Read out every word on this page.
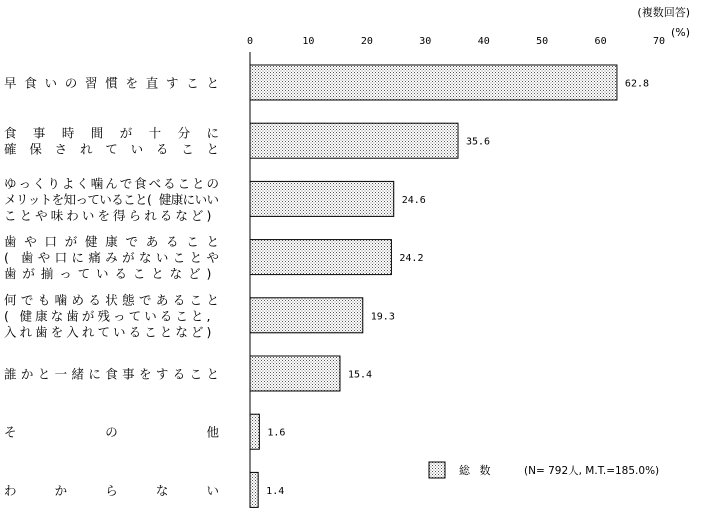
(複数回答)
(%)
0	10	20	30	40	50	60	70
62.8
35.6
24.6
24.2
19.3
15.4
1.6
1.4
早 食 い の 習 慣 を 直 す こ と
食 事 時 間 が 十 分 に
確 保 さ れ て い る こ と
ゆ っ く り よ く 噛 ん で 食 べ る こ と の
メリットを知っていること( 健康にいい
こ と や 味 わ い を 得 ら れ る な ど )
歯 や 口 が 健 康 で あ る こ と
( 歯 や 口 に 痛 み が な い こ と や
歯 が 揃 っ て い る こ と な ど )
何 で も 噛 め る 状 態 で あ る こ と
( 健 康 な 歯 が 残 っ て い る こ と ,
入 れ 歯 を 入 れ て い る こ と な ど )
誰 か と 一 緒 に 食 事 を す る こ と
そ	の	他
わ	か	ら	な	い
総 数	(N= 792人, M.T.=185.0%)
